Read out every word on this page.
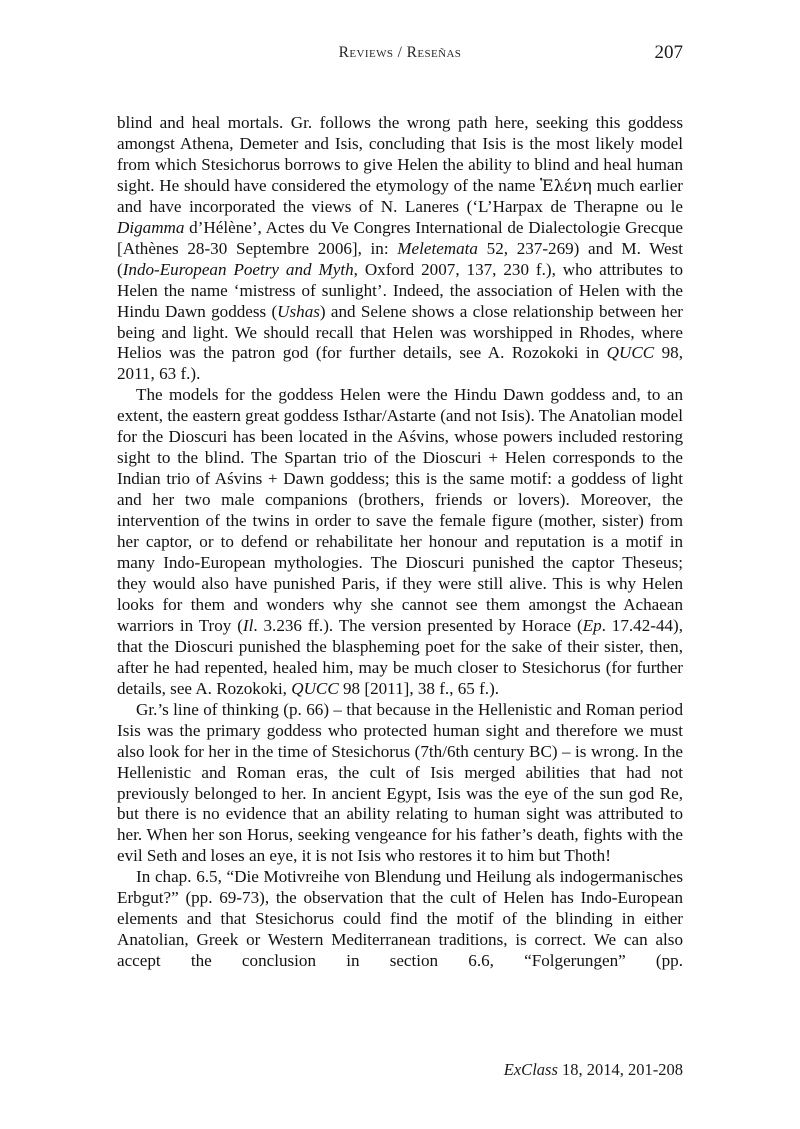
Reviews / Reseñas	207

blind and heal mortals. Gr. follows the wrong path here, seeking this goddess amongst Athena, Demeter and Isis, concluding that Isis is the most likely model from which Stesichorus borrows to give Helen the ability to blind and heal human sight. He should have considered the etymology of the name Ἑλένη much earlier and have incorporated the views of N. Laneres (‘L’Harpax de Therapne ou le Digamma d’Hélène’, Actes du Ve Congres International de Dialectologie Grecque [Athènes 28-30 Septembre 2006], in: Meletemata 52, 237-269) and M. West (Indo-European Poetry and Myth, Oxford 2007, 137, 230 f.), who attributes to Helen the name ‘mistress of sunlight’. Indeed, the association of Helen with the Hindu Dawn goddess (Ushas) and Selene shows a close relationship between her being and light. We should recall that Helen was worshipped in Rhodes, where Helios was the patron god (for further details, see A. Rozokoki in QUCC 98, 2011, 63 f.).

The models for the goddess Helen were the Hindu Dawn goddess and, to an extent, the eastern great goddess Isthar/Astarte (and not Isis). The Anatolian model for the Dioscuri has been located in the Aśvins, whose powers included restoring sight to the blind. The Spartan trio of the Dioscuri + Helen corresponds to the Indian trio of Aśvins + Dawn goddess; this is the same motif: a goddess of light and her two male companions (brothers, friends or lovers). Moreover, the intervention of the twins in order to save the female figure (mother, sister) from her captor, or to defend or rehabilitate her honour and reputation is a motif in many Indo-European mythologies. The Dioscuri punished the captor Theseus; they would also have punished Paris, if they were still alive. This is why Helen looks for them and wonders why she cannot see them amongst the Achaean warriors in Troy (Il. 3.236 ff.). The version presented by Horace (Ep. 17.42-44), that the Dioscuri punished the blaspheming poet for the sake of their sister, then, after he had repented, healed him, may be much closer to Stesichorus (for further details, see A. Rozokoki, QUCC 98 [2011], 38 f., 65 f.).

Gr.’s line of thinking (p. 66) – that because in the Hellenistic and Roman period Isis was the primary goddess who protected human sight and therefore we must also look for her in the time of Stesichorus (7th/6th century BC) – is wrong. In the Hellenistic and Roman eras, the cult of Isis merged abilities that had not previously belonged to her. In ancient Egypt, Isis was the eye of the sun god Re, but there is no evidence that an ability relating to human sight was attributed to her. When her son Horus, seeking vengeance for his father’s death, fights with the evil Seth and loses an eye, it is not Isis who restores it to him but Thoth!

In chap. 6.5, “Die Motivreihe von Blendung und Heilung als indogermanisches Erbgut?” (pp. 69-73), the observation that the cult of Helen has Indo-European elements and that Stesichorus could find the motif of the blinding in either Anatolian, Greek or Western Mediterranean traditions, is correct. We can also accept the conclusion in section 6.6, “Folgerungen” (pp.

ExClass 18, 2014, 201-208
